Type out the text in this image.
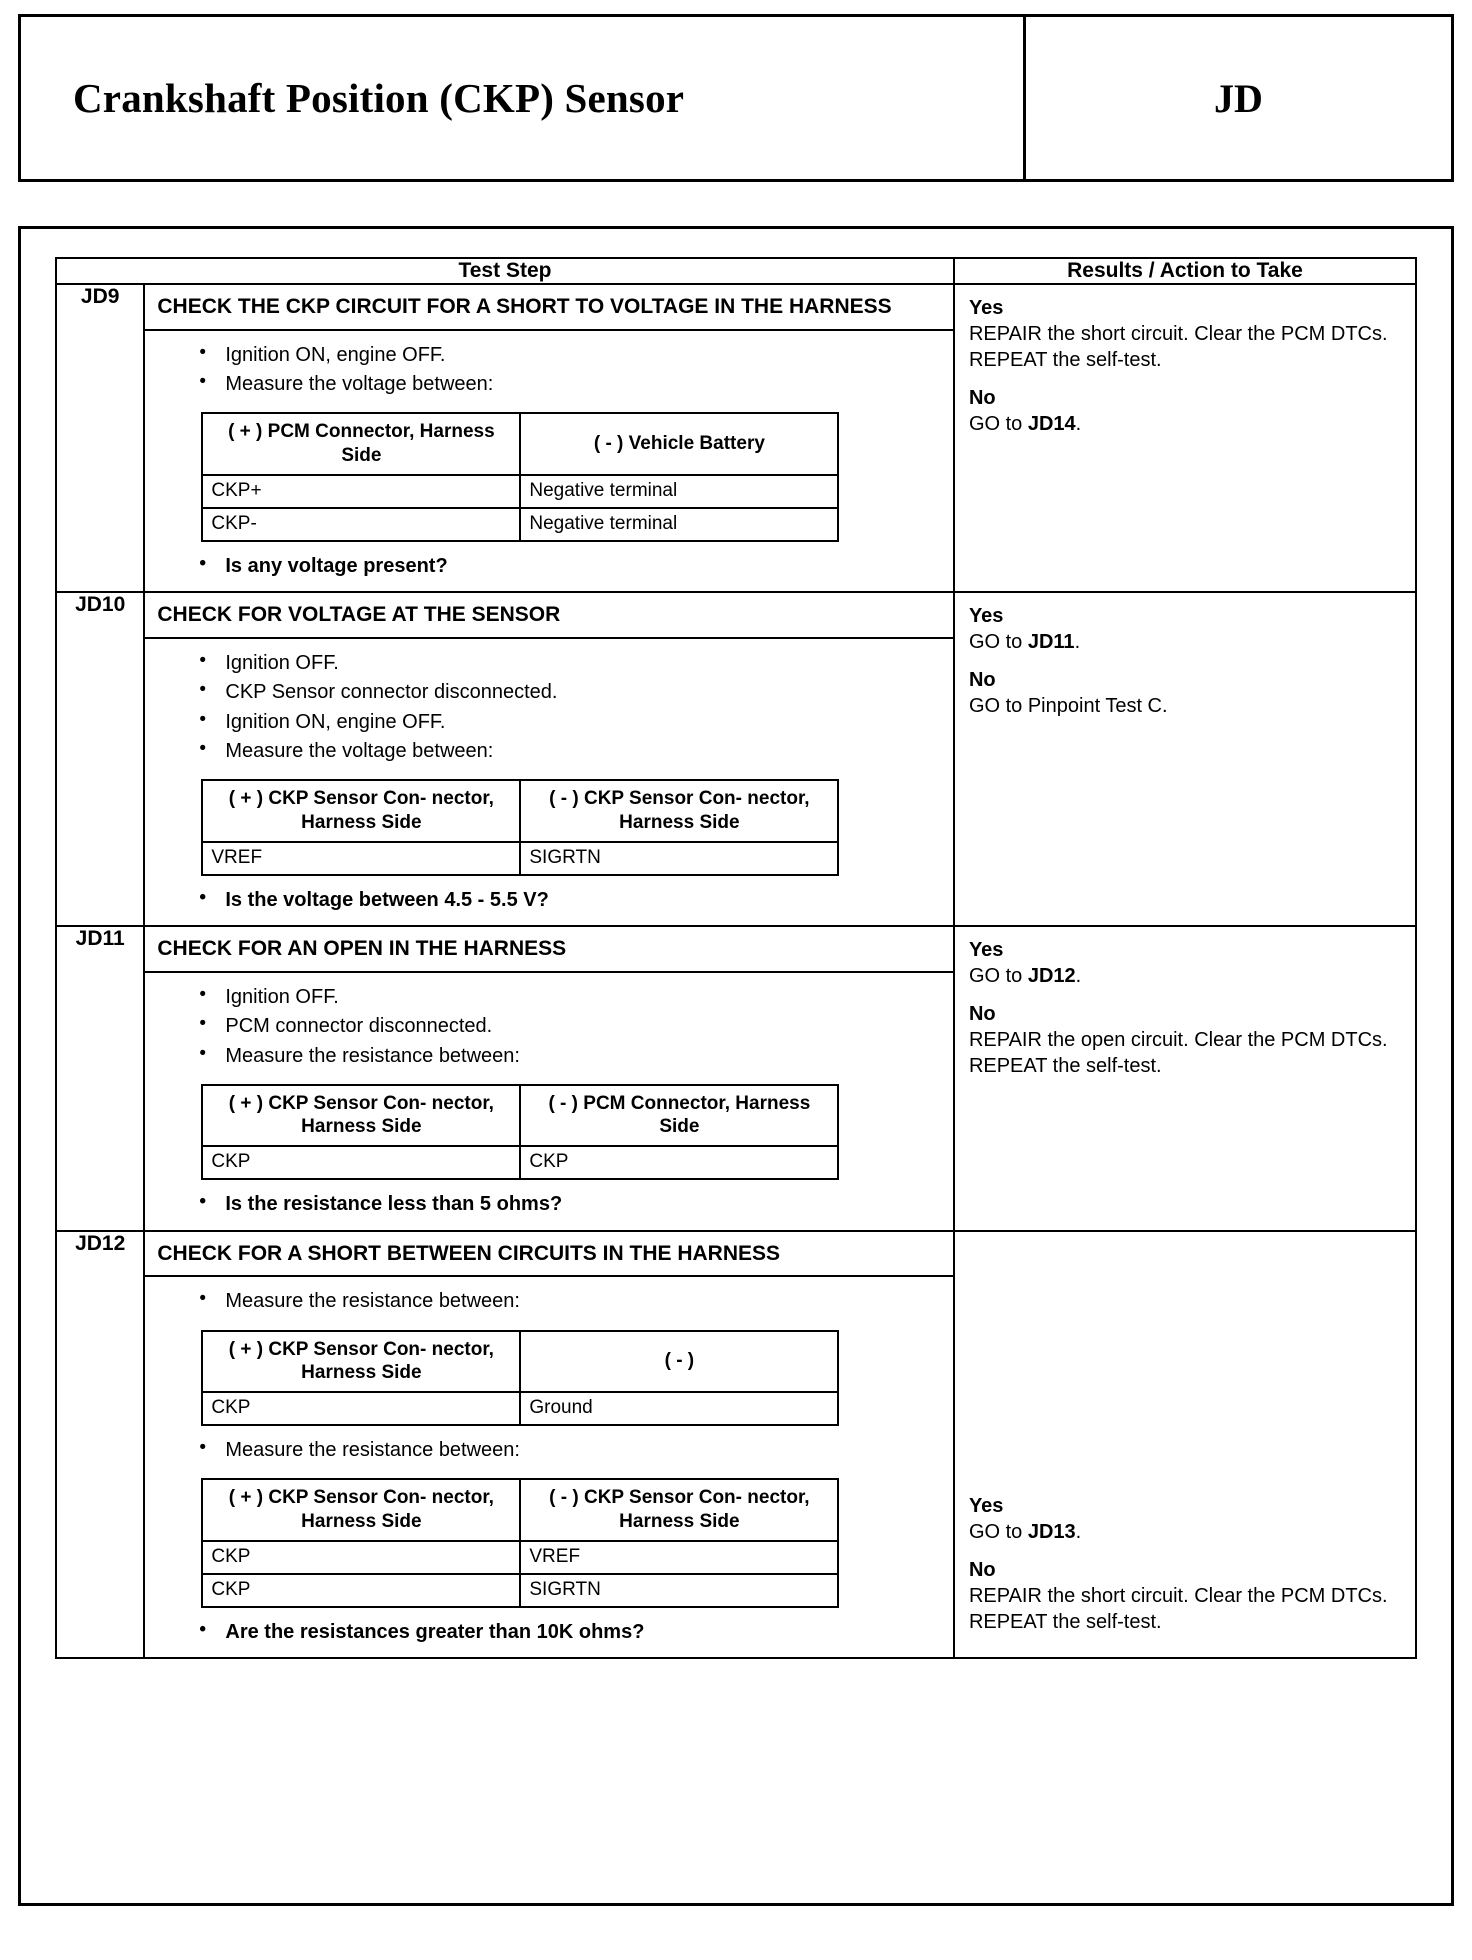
Crankshaft Position (CKP) Sensor	JD
Test Step	Results / Action to Take
JD9	CHECK THE CKP CIRCUIT FOR A SHORT TO VOLTAGE IN THE HARNESS
• Ignition ON, engine OFF.
• Measure the voltage between:
( + ) PCM Connector, Harness Side	( - ) Vehicle Battery
CKP+	Negative terminal
CKP-	Negative terminal
• Is any voltage present?

Yes
REPAIR the short circuit. Clear the PCM DTCs. REPEAT the self-test.
No
GO to JD14.

JD10	CHECK FOR VOLTAGE AT THE SENSOR
• Ignition OFF.
• CKP Sensor connector disconnected.
• Ignition ON, engine OFF.
• Measure the voltage between:
( + ) CKP Sensor Con- nector, Harness Side	( - ) CKP Sensor Con- nector, Harness Side
VREF	SIGRTN
• Is the voltage between 4.5 - 5.5 V?

Yes
GO to JD11.
No
GO to Pinpoint Test C.

JD11	CHECK FOR AN OPEN IN THE HARNESS
• Ignition OFF.
• PCM connector disconnected.
• Measure the resistance between:
( + ) CKP Sensor Con- nector, Harness Side	( - ) PCM Connector, Harness Side
CKP	CKP
• Is the resistance less than 5 ohms?

Yes
GO to JD12.
No
REPAIR the open circuit. Clear the PCM DTCs. REPEAT the self-test.

JD12	CHECK FOR A SHORT BETWEEN CIRCUITS IN THE HARNESS
• Measure the resistance between:
( + ) CKP Sensor Con- nector, Harness Side	( - )
CKP	Ground
• Measure the resistance between:
( + ) CKP Sensor Con- nector, Harness Side	( - ) CKP Sensor Con- nector, Harness Side
CKP	VREF
CKP	SIGRTN
• Are the resistances greater than 10K ohms?

Yes
GO to JD13.
No
REPAIR the short circuit. Clear the PCM DTCs. REPEAT the self-test.
